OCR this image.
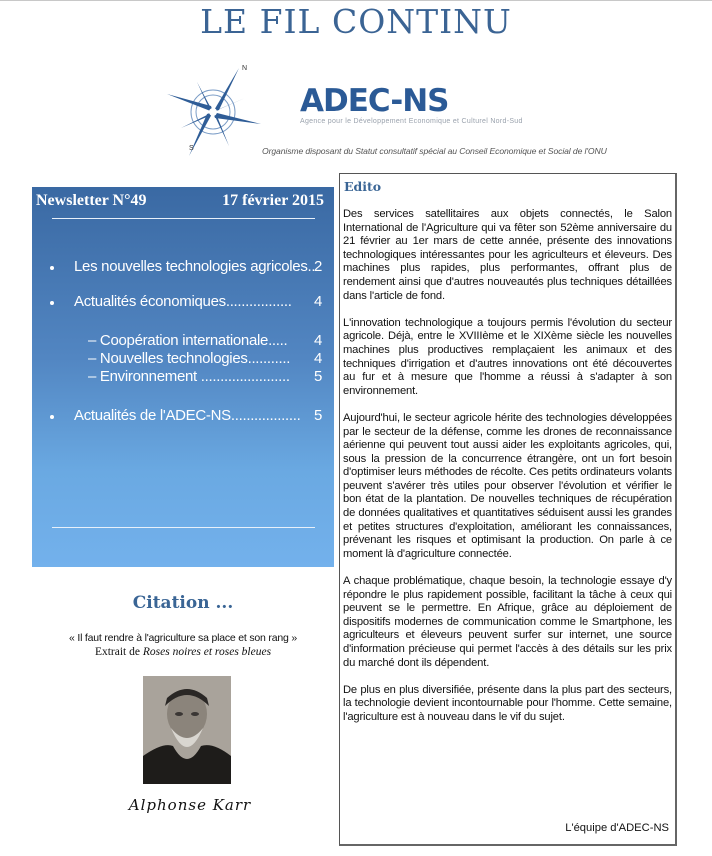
LE FIL CONTINU
N
S
ADEC-NS
Agence pour le Développement Economique et Culturel Nord-Sud
Organisme disposant du Statut consultatif spécial au Conseil Economique et Social de l'ONU
Newsletter N°49	17 février 2015
Les nouvelles technologies agricoles..
2
Actualités économiques................. 4
– Coopération internationale..... 4
– Nouvelles technologies........... 4
– Environnement ....................... 5
Actualités de l'ADEC-NS.................. 5
Citation ...
« Il faut rendre à l'agriculture sa place et son rang »
Extrait de Roses noires et roses bleues
Alphonse Karr
Edito

Des services satellitaires aux objets connectés, le Salon International de l'Agriculture qui va fêter son 52ème anniversaire du 21 février au 1er mars de cette année, présente des innovations technologiques intéressantes pour les agriculteurs et éleveurs. Des machines plus rapides, plus performantes, offrant plus de rendement ainsi que d'autres nouveautés plus techniques détaillées dans l'article de fond.

L'innovation technologique a toujours permis l'évolution du secteur agricole. Déjà, entre le XVIIIème et le XIXème siècle les nouvelles machines plus productives remplaçaient les animaux et des techniques d'irrigation et d'autres innovations ont été découvertes au fur et à mesure que l'homme a réussi à s'adapter à son environnement.

Aujourd'hui, le secteur agricole hérite des technologies développées par le secteur de la défense, comme les drones de reconnaissance aérienne qui peuvent tout aussi aider les exploitants agricoles, qui, sous la pression de la concurrence étrangère, ont un fort besoin d'optimiser leurs méthodes de récolte. Ces petits ordinateurs volants peuvent s'avérer très utiles pour observer l'évolution et vérifier le bon état de la plantation. De nouvelles techniques de récupération de données qualitatives et quantitatives séduisent aussi les grandes et petites structures d'exploitation, améliorant les connaissances, prévenant les risques et optimisant la production. On parle à ce moment là d'agriculture connectée.

A chaque problématique, chaque besoin, la technologie essaye d'y répondre le plus rapidement possible, facilitant la tâche à ceux qui peuvent se le permettre. En Afrique, grâce au déploiement de dispositifs modernes de communication comme le Smartphone, les agriculteurs et éleveurs peuvent surfer sur internet, une source d'information précieuse qui permet l'accès à des détails sur les prix du marché dont ils dépendent.

De plus en plus diversifiée, présente dans la plus part des secteurs, la technologie devient incontournable pour l'homme. Cette semaine, l'agriculture est à nouveau dans le vif du sujet.

L'équipe d'ADEC-NS
